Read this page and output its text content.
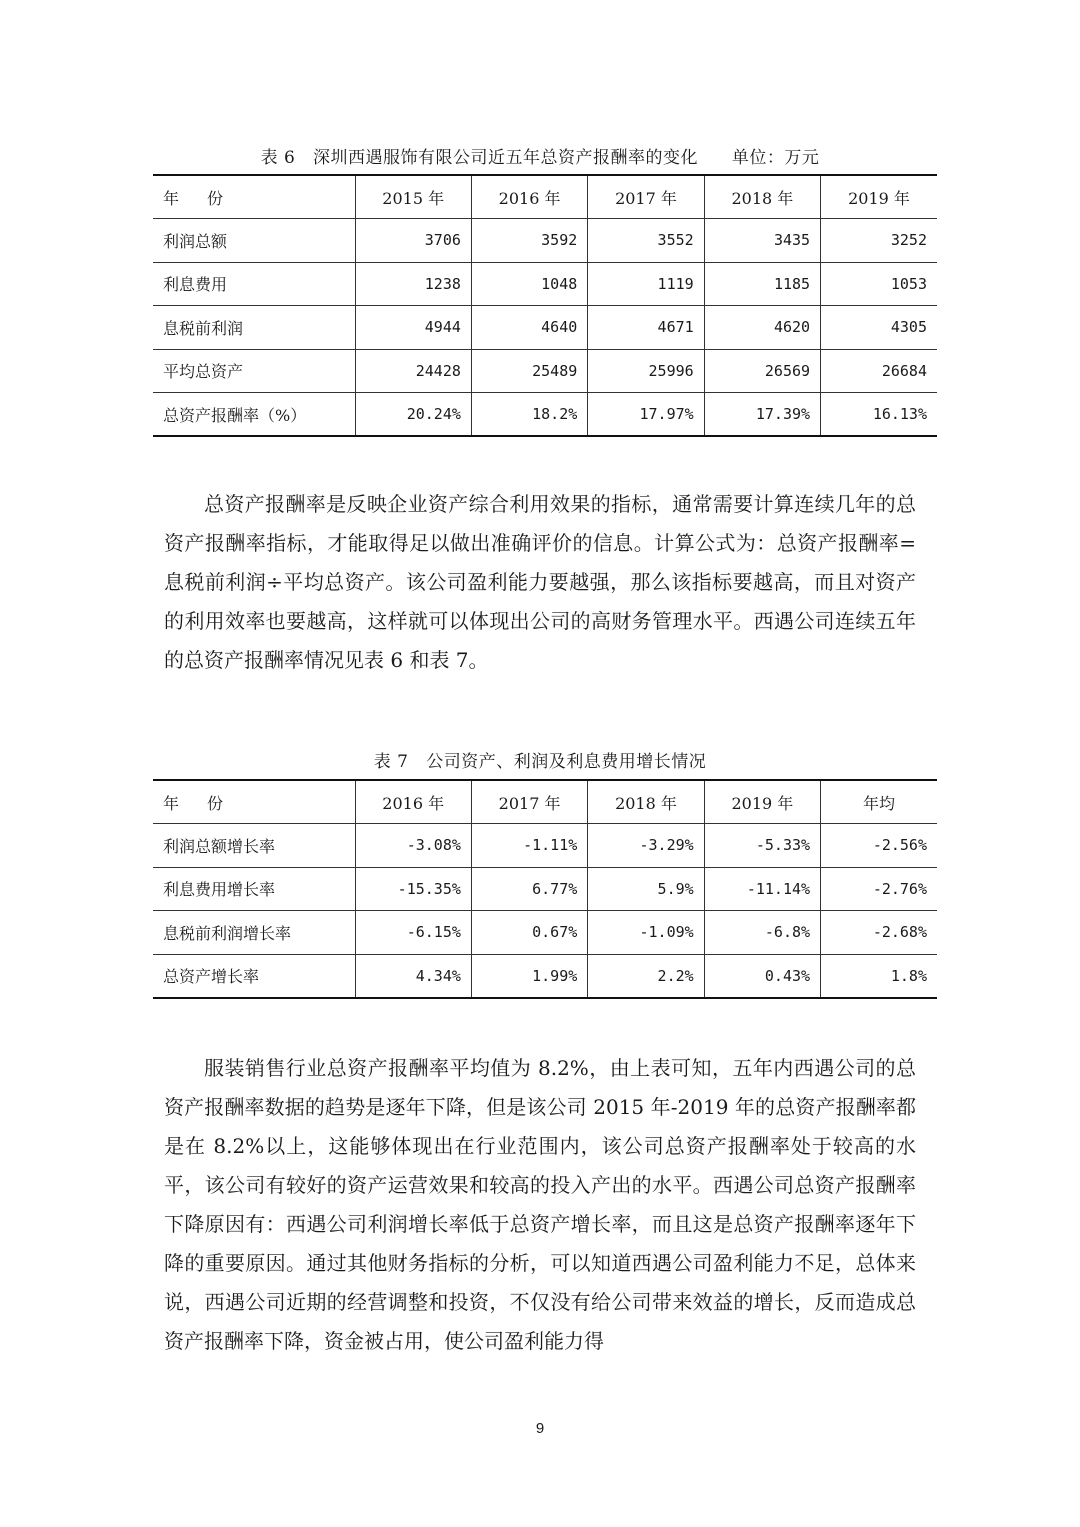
表 6 深圳西遇服饰有限公司近五年总资产报酬率的变化 单位：万元
年份	2015 年	2016 年	2017 年	2018 年	2019 年
利润总额	3706	3592	3552	3435	3252
利息费用	1238	1048	1119	1185	1053
息税前利润	4944	4640	4671	4620	4305
平均总资产	24428	25489	25996	26569	26684
总资产报酬率（%）	20.24%	18.2%	17.97%	17.39%	16.13%

总资产报酬率是反映企业资产综合利用效果的指标，通常需要计算连续几年的总资产报酬率指标，才能取得足以做出准确评价的信息。计算公式为：总资产报酬率=息税前利润÷平均总资产。该公司盈利能力要越强，那么该指标要越高，而且对资产的利用效率也要越高，这样就可以体现出公司的高财务管理水平。西遇公司连续五年的总资产报酬率情况见表 6 和表 7。

表 7 公司资产、利润及利息费用增长情况
年份	2016 年	2017 年	2018 年	2019 年	年均
利润总额增长率	-3.08%	-1.11%	-3.29%	-5.33%	-2.56%
利息费用增长率	-15.35%	6.77%	5.9%	-11.14%	-2.76%
息税前利润增长率	-6.15%	0.67%	-1.09%	-6.8%	-2.68%
总资产增长率	4.34%	1.99%	2.2%	0.43%	1.8%

服装销售行业总资产报酬率平均值为 8.2%，由上表可知，五年内西遇公司的总资产报酬率数据的趋势是逐年下降，但是该公司 2015 年-2019 年的总资产报酬率都是在 8.2%以上，这能够体现出在行业范围内，该公司总资产报酬率处于较高的水平，该公司有较好的资产运营效果和较高的投入产出的水平。西遇公司总资产报酬率下降原因有：西遇公司利润增长率低于总资产增长率，而且这是总资产报酬率逐年下降的重要原因。通过其他财务指标的分析，可以知道西遇公司盈利能力不足，总体来说，西遇公司近期的经营调整和投资，不仅没有给公司带来效益的增长，反而造成总资产报酬率下降，资金被占用，使公司盈利能力得

9
